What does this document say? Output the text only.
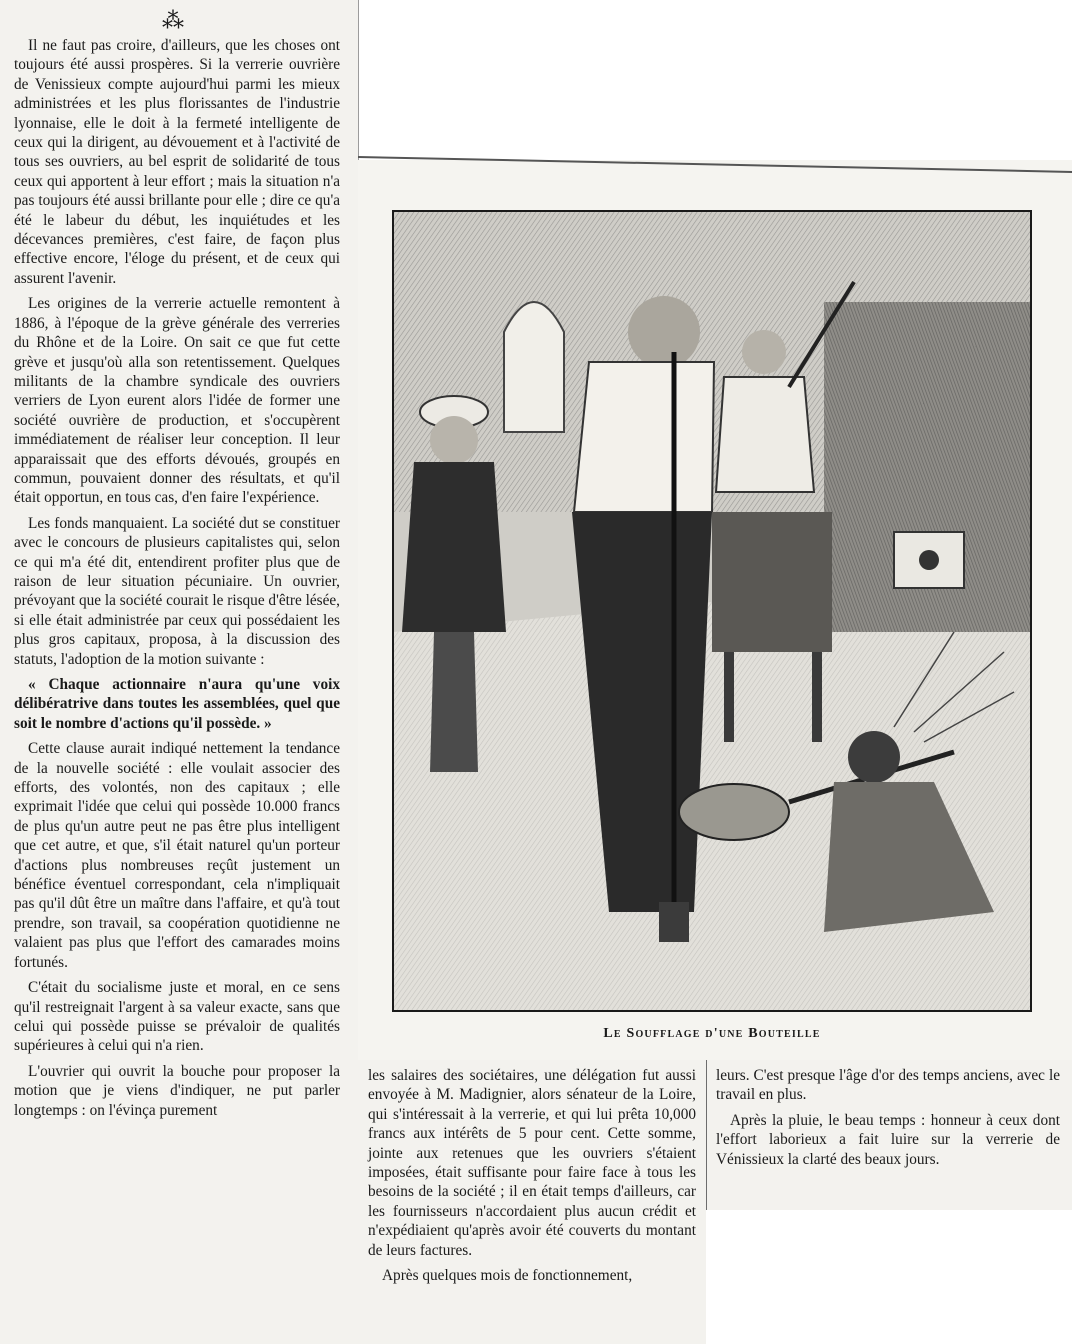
⁂

Il ne faut pas croire, d'ailleurs, que les choses ont toujours été aussi prospères. Si la verrerie ouvrière de Venissieux compte aujourd'hui parmi les mieux administrées et les plus florissantes de l'industrie lyonnaise, elle le doit à la fermeté intelligente de ceux qui la dirigent, au dévouement et à l'activité de tous ses ouvriers, au bel esprit de solidarité de tous ceux qui apportent à leur effort ; mais la situation n'a pas toujours été aussi brillante pour elle ; dire ce qu'a été le labeur du début, les inquiétudes et les décevances premières, c'est faire, de façon plus effective encore, l'éloge du présent, et de ceux qui assurent l'avenir.

Les origines de la verrerie actuelle remontent à 1886, à l'époque de la grève générale des verreries du Rhône et de la Loire. On sait ce que fut cette grève et jusqu'où alla son retentissement. Quelques militants de la chambre syndicale des ouvriers verriers de Lyon eurent alors l'idée de former une société ouvrière de production, et s'occupèrent immédiatement de réaliser leur conception. Il leur apparaissait que des efforts dévoués, groupés en commun, pouvaient donner des résultats, et qu'il était opportun, en tous cas, d'en faire l'expérience.

Les fonds manquaient. La société dut se constituer avec le concours de plusieurs capitalistes qui, selon ce qui m'a été dit, entendirent profiter plus que de raison de leur situation pécuniaire. Un ouvrier, prévoyant que la société courait le risque d'être lésée, si elle était administrée par ceux qui possédaient les plus gros capitaux, proposa, à la discussion des statuts, l'adoption de la motion suivante :

« Chaque actionnaire n'aura qu'une voix délibératrive dans toutes les assemblées, quel que soit le nombre d'actions qu'il possède. »

Cette clause aurait indiqué nettement la tendance de la nouvelle société : elle voulait associer des efforts, des volontés, non des capitaux ; elle exprimait l'idée que celui qui possède 10.000 francs de plus qu'un autre peut ne pas être plus intelligent que cet autre, et que, s'il était naturel qu'un porteur d'actions plus nombreuses reçût justement un bénéfice éventuel correspondant, cela n'impliquait pas qu'il dût être un maître dans l'affaire, et qu'à tout prendre, son travail, sa coopération quotidienne ne valaient pas plus que l'effort des camarades moins fortunés.

C'était du socialisme juste et moral, en ce sens qu'il restreignait l'argent à sa valeur exacte, sans que celui qui possède puisse se prévaloir de qualités supérieures à celui qui n'a rien.

L'ouvrier qui ouvrit la bouche pour proposer la motion que je viens d'indiquer, ne put parler longtemps : on l'évinça purement

Le Soufflage d'une Bouteille

les salaires des sociétaires, une délégation fut aussi envoyée à M. Madignier, alors sénateur de la Loire, qui s'intéressait à la verrerie, et qui lui prêta 10,000 francs aux intérêts de 5 pour cent. Cette somme, jointe aux retenues que les ouvriers s'étaient imposées, était suffisante pour faire face à tous les besoins de la société ; il en était temps d'ailleurs, car les fournisseurs n'accordaient plus aucun crédit et n'expédiaient qu'après avoir été couverts du montant de leurs factures.

Après quelques mois de fonctionnement,

leurs. C'est presque l'âge d'or des temps anciens, avec le travail en plus.

Après la pluie, le beau temps : honneur à ceux dont l'effort laborieux a fait luire sur la verrerie de Vénissieux la clarté des beaux jours.
